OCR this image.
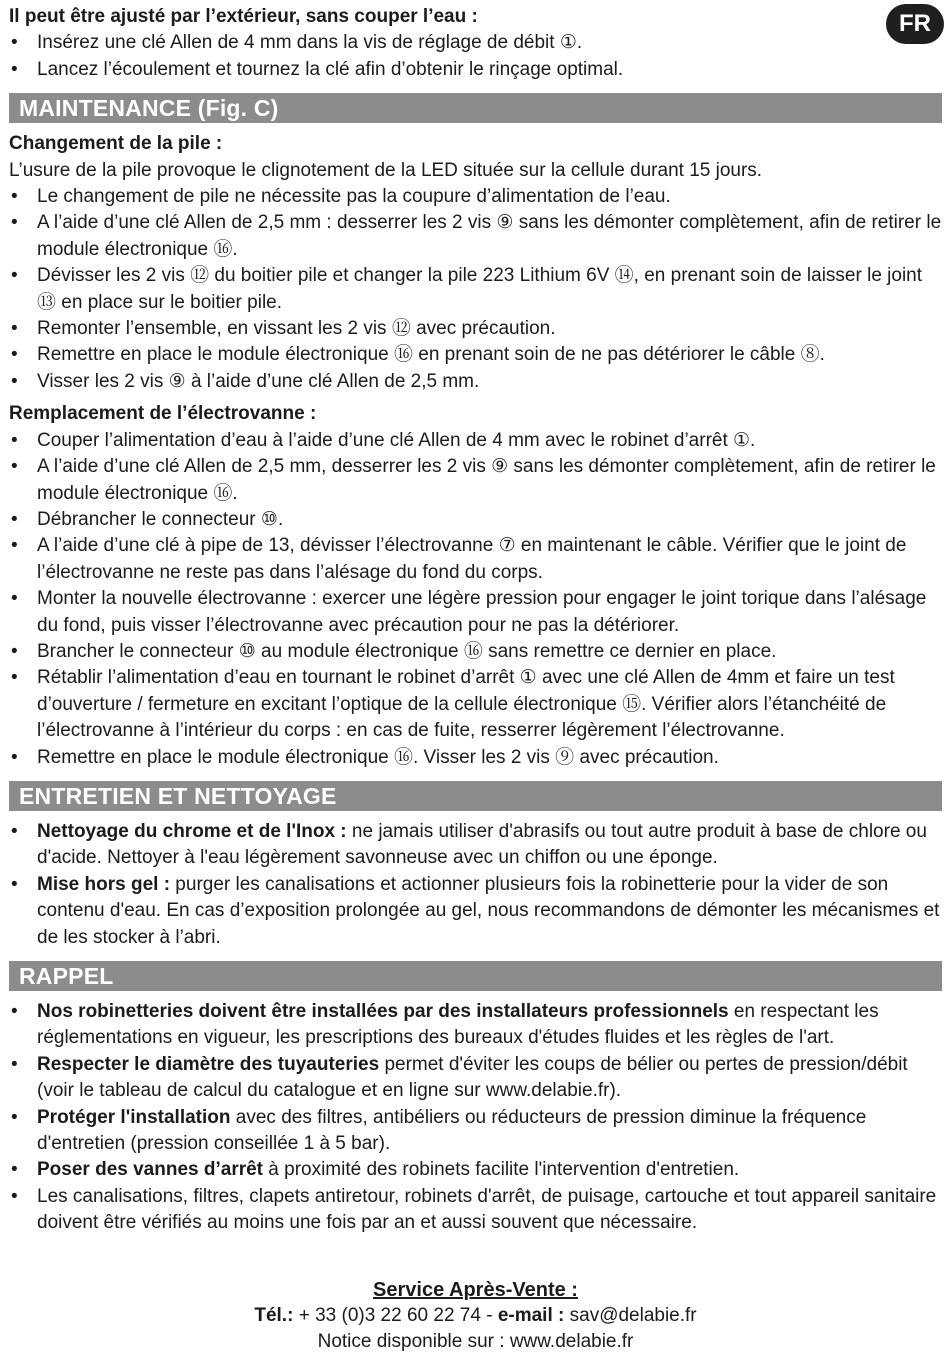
FR

Il peut être ajusté par l’extérieur, sans couper l’eau :

• Insérez une clé Allen de 4 mm dans la vis de réglage de débit ①.
• Lancez l’écoulement et tournez la clé afin d’obtenir le rinçage optimal.
MAINTENANCE (Fig. C)

Changement de la pile :

L’usure de la pile provoque le clignotement de la LED située sur la cellule durant 15 jours.

• Le changement de pile ne nécessite pas la coupure d’alimentation de l’eau.
• A l’aide d’une clé Allen de 2,5 mm : desserrer les 2 vis ⑨ sans les démonter complètement, afin de retirer le module électronique ⑯.
• Dévisser les 2 vis ⑫ du boitier pile et changer la pile 223 Lithium 6V ⑭, en prenant soin de laisser le joint ⑬ en place sur le boitier pile.
• Remonter l’ensemble, en vissant les 2 vis ⑫ avec précaution.
• Remettre en place le module électronique ⑯ en prenant soin de ne pas détériorer le câble ⑧.
• Visser les 2 vis ⑨ à l’aide d’une clé Allen de 2,5 mm.

Remplacement de l’électrovanne :

• Couper l’alimentation d’eau à l’aide d’une clé Allen de 4 mm avec le robinet d’arrêt ①.
• A l’aide d’une clé Allen de 2,5 mm, desserrer les 2 vis ⑨ sans les démonter complètement, afin de retirer le module électronique ⑯.
• Débrancher le connecteur ⑩.
• A l’aide d’une clé à pipe de 13, dévisser l’électrovanne ⑦ en maintenant le câble. Vérifier que le joint de l’électrovanne ne reste pas dans l’alésage du fond du corps.
• Monter la nouvelle électrovanne : exercer une légère pression pour engager le joint torique dans l’alésage du fond, puis visser l’électrovanne avec précaution pour ne pas la détériorer.
• Brancher le connecteur ⑩ au module électronique ⑯ sans remettre ce dernier en place.
• Rétablir l’alimentation d’eau en tournant le robinet d’arrêt ① avec une clé Allen de 4mm et faire un test d’ouverture / fermeture en excitant l’optique de la cellule électronique ⑮. Vérifier alors l’étanchéité de l’électrovanne à l’intérieur du corps : en cas de fuite, resserrer légèrement l’électrovanne.
• Remettre en place le module électronique ⑯. Visser les 2 vis ⑨ avec précaution.
ENTRETIEN ET NETTOYAGE
• Nettoyage du chrome et de l'Inox : ne jamais utiliser d'abrasifs ou tout autre produit à base de chlore ou d'acide. Nettoyer à l'eau légèrement savonneuse avec un chiffon ou une éponge.
• Mise hors gel : purger les canalisations et actionner plusieurs fois la robinetterie pour la vider de son contenu d'eau. En cas d’exposition prolongée au gel, nous recommandons de démonter les mécanismes et de les stocker à l’abri.
RAPPEL
• Nos robinetteries doivent être installées par des installateurs professionnels en respectant les réglementations en vigueur, les prescriptions des bureaux d'études fluides et les règles de l'art.
• Respecter le diamètre des tuyauteries permet d'éviter les coups de bélier ou pertes de pression/débit (voir le tableau de calcul du catalogue et en ligne sur www.delabie.fr).
• Protéger l'installation avec des filtres, antibéliers ou réducteurs de pression diminue la fréquence d'entretien (pression conseillée 1 à 5 bar).
• Poser des vannes d’arrêt à proximité des robinets facilite l'intervention d'entretien.
• Les canalisations, filtres, clapets antiretour, robinets d'arrêt, de puisage, cartouche et tout appareil sanitaire doivent être vérifiés au moins une fois par an et aussi souvent que nécessaire.
Service Après-Vente :
Tél.: + 33 (0)3 22 60 22 74 - e-mail : sav@delabie.fr
Notice disponible sur : www.delabie.fr
